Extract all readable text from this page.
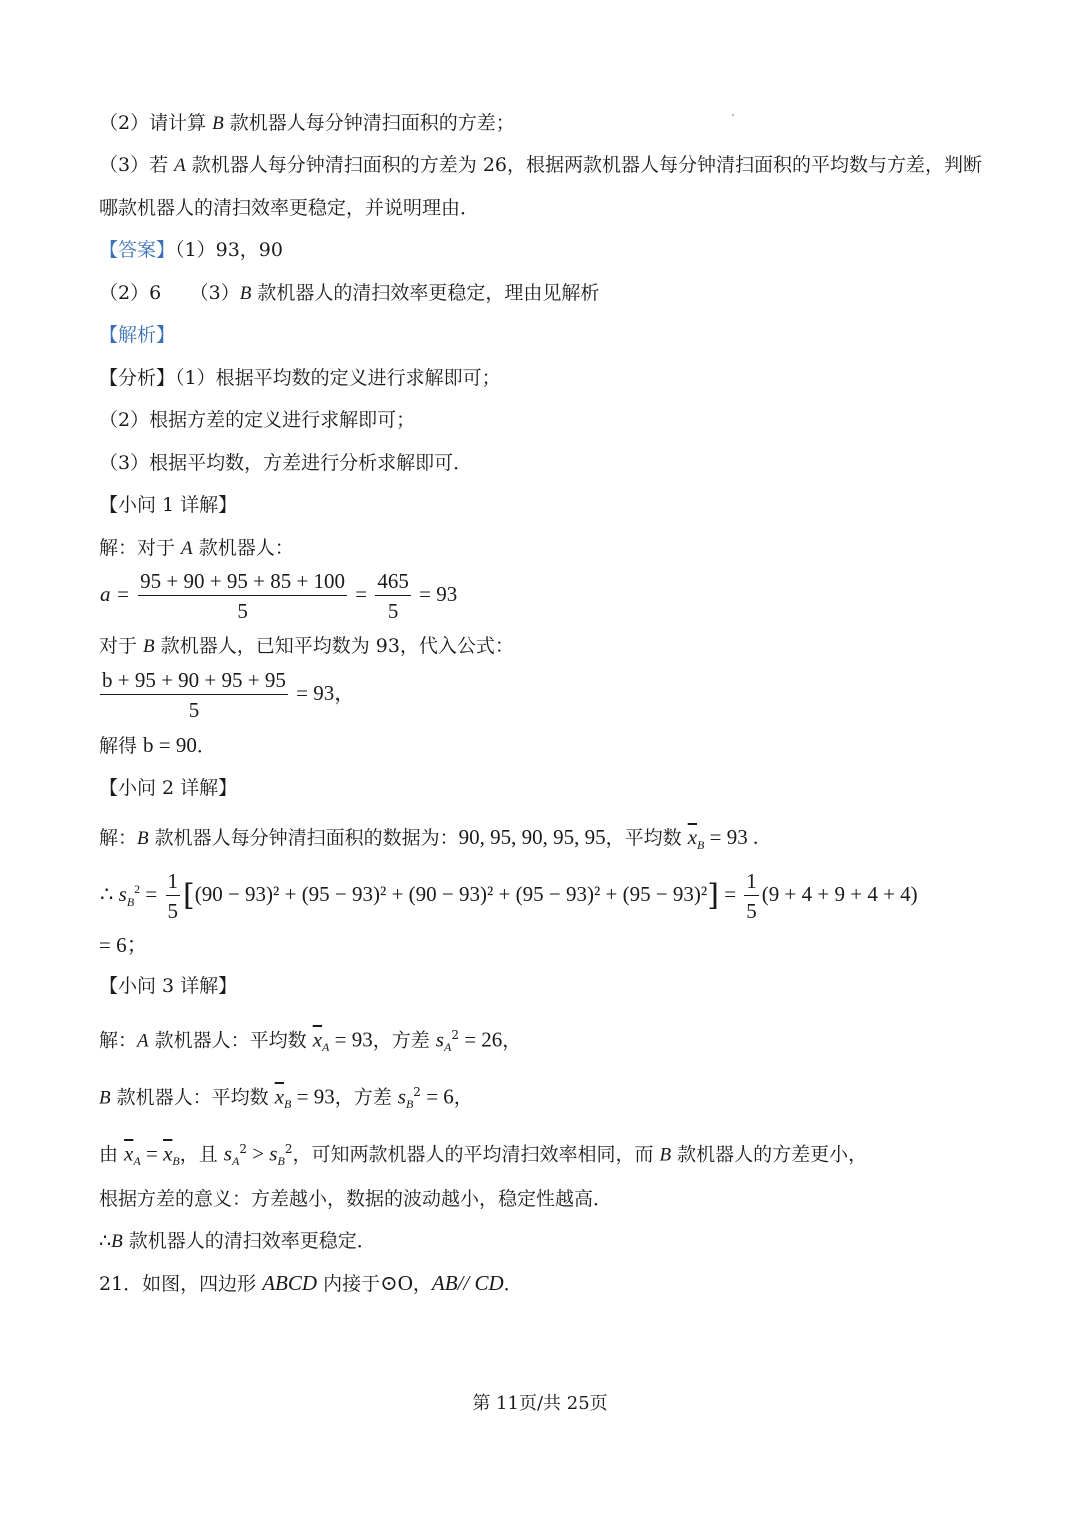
（2）请计算 B 款机器人每分钟清扫面积的方差；
（3）若 A 款机器人每分钟清扫面积的方差为 26，根据两款机器人每分钟清扫面积的平均数与方差，判断
哪款机器人的清扫效率更稳定，并说明理由．
【答案】（1）93，90
（2）6　　（3）B 款机器人的清扫效率更稳定，理由见解析
【解析】
【分析】（1）根据平均数的定义进行求解即可；
（2）根据方差的定义进行求解即可；
（3）根据平均数，方差进行分析求解即可．
【小问 1 详解】
解：对于 A 款机器人：
$a = \frac{95 + 90 + 95 + 85 + 100}{5} = \frac{465}{5} = 93$
对于 B 款机器人，已知平均数为 93，代入公式：
$\frac{b + 95 + 90 + 95 + 95}{5} = 93$，
解得 b = 90．
【小问 2 详解】
解：B 款机器人每分钟清扫面积的数据为：90, 95, 90, 95, 95，平均数 $\overline{x}_B = 93$ .
∴ $s_B^2 = \frac{1}{5} [(90 - 93)^2 + (95 - 93)^2 + (90 - 93)^2 + (95 - 93)^2 + (95 - 93)^2] = \frac{1}{5} (9 + 4 + 9 + 4 + 4)$
= 6；
【小问 3 详解】
解：A 款机器人：平均数 $\overline{x}_A = 93$，方差 $s_A^2 = 26$，
B 款机器人：平均数 $\overline{x}_B = 93$，方差 $s_B^2 = 6$，
由 $\overline{x}_A = \overline{x}_B$，且 $s_A^2 > s_B^2$，可知两款机器人的平均清扫效率相同，而 B 款机器人的方差更小，
根据方差的意义：方差越小，数据的波动越小，稳定性越高．
∴B 款机器人的清扫效率更稳定．
21．如图，四边形 ABCD 内接于⊙O，AB// CD．
第 11页/共 25页
